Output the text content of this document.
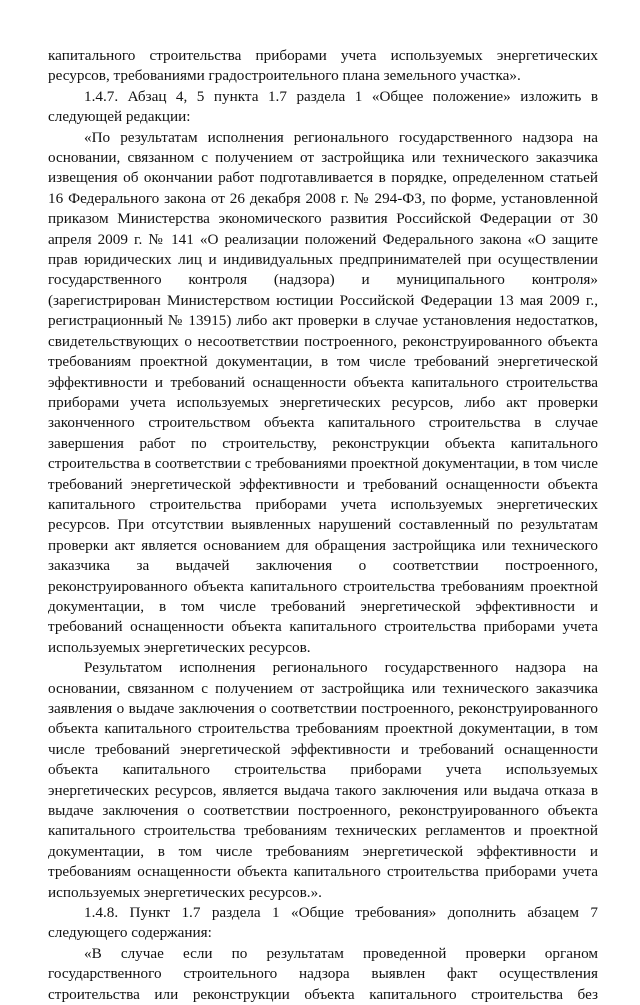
капитального строительства приборами учета используемых энергетических ресурсов, требованиями градостроительного плана земельного участка».

1.4.7. Абзац 4, 5 пункта 1.7 раздела 1 «Общее положение» изложить в следующей редакции:

«По результатам исполнения регионального государственного надзора на основании, связанном с получением от застройщика или технического заказчика извещения об окончании работ подготавливается в порядке, определенном статьей 16 Федерального закона от 26 декабря 2008 г. № 294-ФЗ, по форме, установленной приказом Министерства экономического развития Российской Федерации от 30 апреля 2009 г. № 141 «О реализации положений Федерального закона «О защите прав юридических лиц и индивидуальных предпринимателей при осуществлении государственного контроля (надзора) и муниципального контроля» (зарегистрирован Министерством юстиции Российской Федерации 13 мая 2009 г., регистрационный № 13915) либо акт проверки в случае установления недостатков, свидетельствующих о несоответствии построенного, реконструированного объекта требованиям проектной документации, в том числе требований энергетической эффективности и требований оснащенности объекта капитального строительства приборами учета используемых энергетических ресурсов, либо акт проверки законченного строительством объекта капитального строительства в случае завершения работ по строительству, реконструкции объекта капитального строительства в соответствии с требованиями проектной документации, в том числе требований энергетической эффективности и требований оснащенности объекта капитального строительства приборами учета используемых энергетических ресурсов. При отсутствии выявленных нарушений составленный по результатам проверки акт является основанием для обращения застройщика или технического заказчика за выдачей заключения о соответствии построенного, реконструированного объекта капитального строительства требованиям проектной документации, в том числе требований энергетической эффективности и требований оснащенности объекта капитального строительства приборами учета используемых энергетических ресурсов.

Результатом исполнения регионального государственного надзора на основании, связанном с получением от застройщика или технического заказчика заявления о выдаче заключения о соответствии построенного, реконструированного объекта капитального строительства требованиям проектной документации, в том числе требований энергетической эффективности и требований оснащенности объекта капитального строительства приборами учета используемых энергетических ресурсов, является выдача такого заключения или выдача отказа в выдаче заключения о соответствии построенного, реконструированного объекта капитального строительства требованиям технических регламентов и проектной документации, в том числе требованиям энергетической эффективности и требованиям оснащенности объекта капитального строительства приборами учета используемых энергетических ресурсов.».

1.4.8. Пункт 1.7 раздела 1 «Общие требования» дополнить абзацем 7 следующего содержания:

«В случае если по результатам проведенной проверки органом государственного строительного надзора выявлен факт осуществления строительства или реконструкции объекта капитального строительства без
